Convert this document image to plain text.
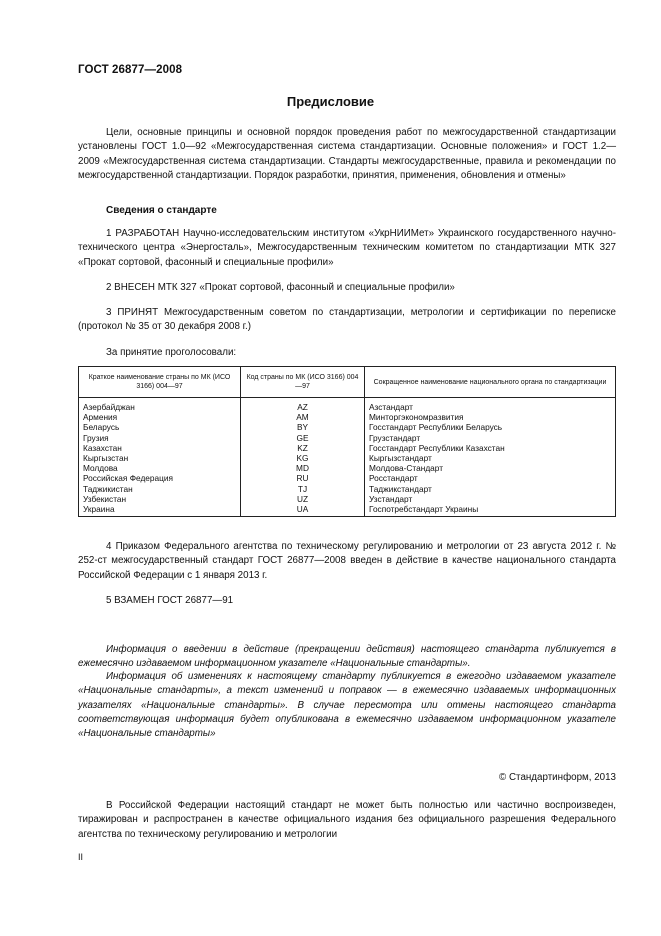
ГОСТ 26877—2008
Предисловие
Цели, основные принципы и основной порядок проведения работ по межгосударственной стандартизации установлены ГОСТ 1.0—92 «Межгосударственная система стандартизации. Основные положения» и ГОСТ 1.2—2009 «Межгосударственная система стандартизации. Стандарты межгосударственные, правила и рекомендации по межгосударственной стандартизации. Порядок разработки, принятия, применения, обновления и отмены»
Сведения о стандарте
1 РАЗРАБОТАН Научно-исследовательским институтом «УкрНИИМет» Украинского государственного научно-технического центра «Энергосталь», Межгосударственным техническим комитетом по стандартизации МТК 327 «Прокат сортовой, фасонный и специальные профили»
2 ВНЕСЕН МТК 327 «Прокат сортовой, фасонный и специальные профили»
3 ПРИНЯТ Межгосударственным советом по стандартизации, метрологии и сертификации по переписке (протокол № 35 от 30 декабря 2008 г.)
За принятие проголосовали:
Краткое наименование страны по МК (ИСО 3166) 004—97	Код страны по МК (ИСО 3166) 004—97	Сокращенное наименование национального органа по стандартизации
Азербайджан	AZ	Азстандарт
Армения	AM	Минторгэкономразвития
Беларусь	BY	Госстандарт Республики Беларусь
Грузия	GE	Грузстандарт
Казахстан	KZ	Госстандарт Республики Казахстан
Кыргызстан	KG	Кыргызстандарт
Молдова	MD	Молдова-Стандарт
Российская Федерация	RU	Росстандарт
Таджикистан	TJ	Таджикстандарт
Узбекистан	UZ	Узстандарт
Украина	UA	Госпотребстандарт Украины
4 Приказом Федерального агентства по техническому регулированию и метрологии от 23 августа 2012 г. № 252-ст межгосударственный стандарт ГОСТ 26877—2008 введен в действие в качестве национального стандарта Российской Федерации с 1 января 2013 г.
5 ВЗАМЕН ГОСТ 26877—91
Информация о введении в действие (прекращении действия) настоящего стандарта публикуется в ежемесячно издаваемом информационном указателе «Национальные стандарты».
Информация об изменениях к настоящему стандарту публикуется в ежегодно издаваемом указателе «Национальные стандарты», а текст изменений и поправок — в ежемесячно издаваемых информационных указателях «Национальные стандарты». В случае пересмотра или отмены настоящего стандарта соответствующая информация будет опубликована в ежемесячно издаваемом информационном указателе «Национальные стандарты»
© Стандартинформ, 2013
В Российской Федерации настоящий стандарт не может быть полностью или частично воспроизведен, тиражирован и распространен в качестве официального издания без официального разрешения Федерального агентства по техническому регулированию и метрологии
II
